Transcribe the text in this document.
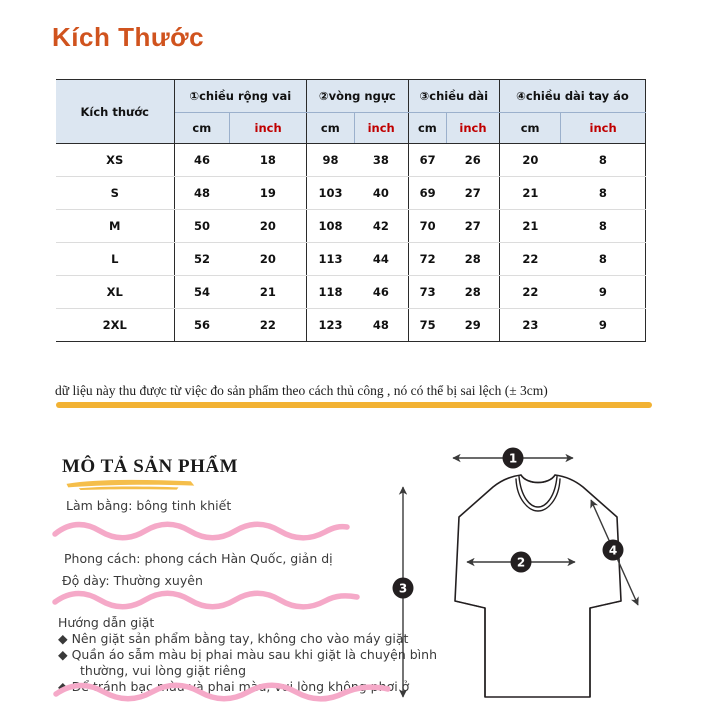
Kích Thước
Kích thước	①chiều rộng vai		②vòng ngực		③chiều dài		④chiều dài tay áo	
	cm	inch	cm	inch	cm	inch	cm	inch
XS	46	18	98	38	67	26	20	8
S	48	19	103	40	69	27	21	8
M	50	20	108	42	70	27	21	8
L	52	20	113	44	72	28	22	8
XL	54	21	118	46	73	28	22	9
2XL	56	22	123	48	75	29	23	9
dữ liệu này thu được từ việc đo sản phẩm theo cách thủ công , nó có thể bị sai lệch (± 3cm)
MÔ TẢ SẢN PHẨM
Làm bằng: bông tinh khiết
Phong cách: phong cách Hàn Quốc, giản dị
Độ dày: Thường xuyên
Hướng dẫn giặt
◆ Nên giặt sản phẩm bằng tay, không cho vào máy giặt
◆ Quần áo sẫm màu bị phai màu sau khi giặt là chuyện bình
thường, vui lòng giặt riêng
◆ Để tránh bạc màu và phai màu, vui lòng không phơi ở
1
2
3
4
